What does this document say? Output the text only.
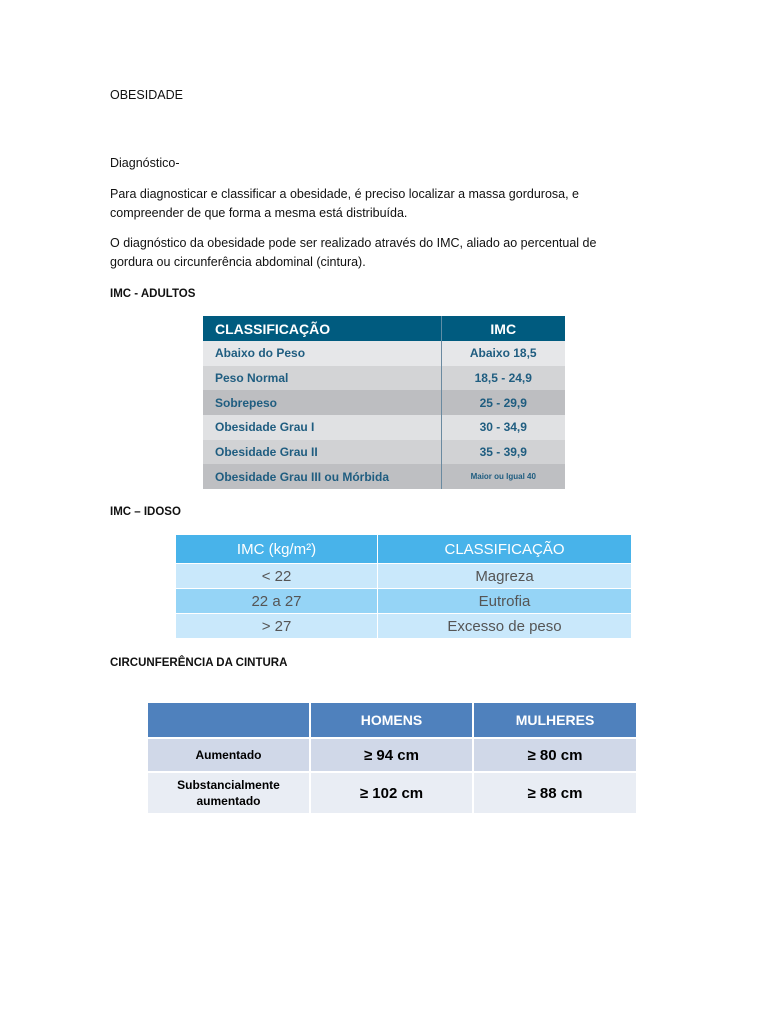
OBESIDADE
Diagnóstico-
Para diagnosticar e classificar a obesidade, é preciso localizar a massa gordurosa, e compreender de que forma a mesma está distribuída.
O diagnóstico da obesidade pode ser realizado através do IMC, aliado ao percentual de gordura ou circunferência abdominal (cintura).
IMC - ADULTOS
CLASSIFICAÇÃO	IMC
Abaixo do Peso	Abaixo 18,5
Peso Normal	18,5 - 24,9
Sobrepeso	25 - 29,9
Obesidade Grau I	30 - 34,9
Obesidade Grau II	35 - 39,9
Obesidade Grau III ou Mórbida	Maior ou Igual 40
IMC – IDOSO
IMC (kg/m²)	CLASSIFICAÇÃO
< 22	Magreza
22 a 27	Eutrofia
> 27	Excesso de peso
CIRCUNFERÊNCIA DA CINTURA
	HOMENS	MULHERES
Aumentado	≥ 94 cm	≥ 80 cm
Substancialmente aumentado	≥ 102 cm	≥ 88 cm
